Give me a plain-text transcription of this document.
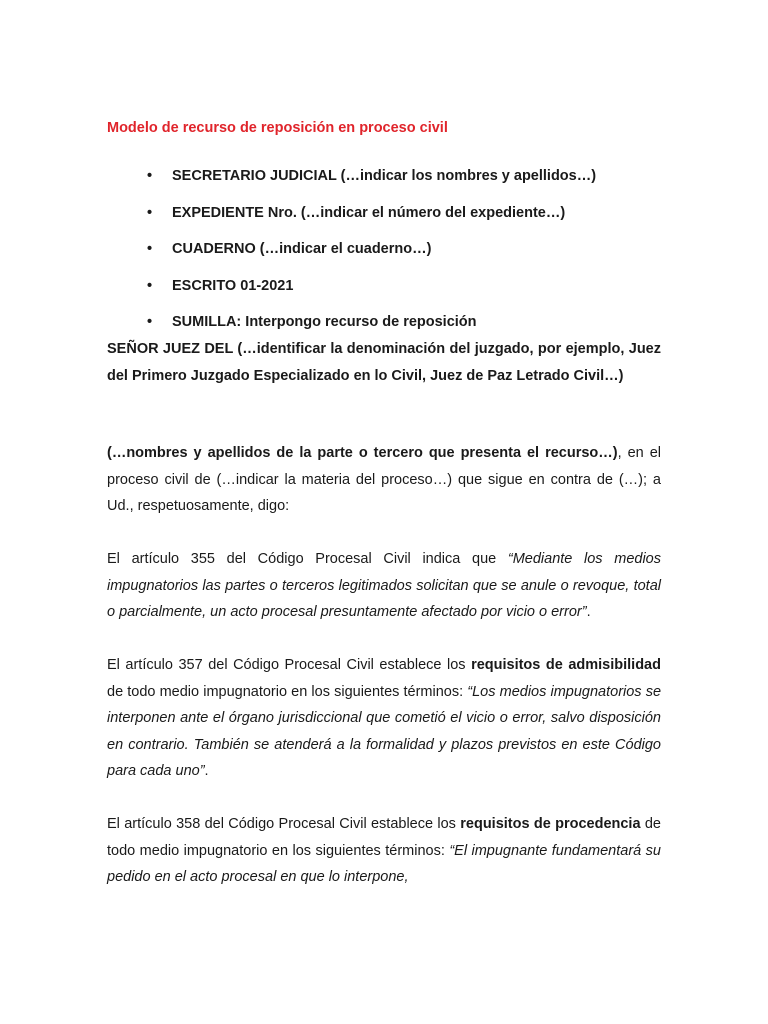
Modelo de recurso de reposición en proceso civil
• SECRETARIO JUDICIAL (…indicar los nombres y apellidos…)
• EXPEDIENTE Nro. (…indicar el número del expediente…)
• CUADERNO (…indicar el cuaderno…)
• ESCRITO 01-2021
• SUMILLA: Interpongo recurso de reposición

SEÑOR JUEZ DEL (…identificar la denominación del juzgado, por ejemplo, Juez del Primero Juzgado Especializado en lo Civil, Juez de Paz Letrado Civil…)

(…nombres y apellidos de la parte o tercero que presenta el recurso…), en el proceso civil de (…indicar la materia del proceso…) que sigue en contra de (…); a Ud., respetuosamente, digo:

El artículo 355 del Código Procesal Civil indica que “Mediante los medios impugnatorios las partes o terceros legitimados solicitan que se anule o revoque, total o parcialmente, un acto procesal presuntamente afectado por vicio o error”.

El artículo 357 del Código Procesal Civil establece los requisitos de admisibilidad de todo medio impugnatorio en los siguientes términos: “Los medios impugnatorios se interponen ante el órgano jurisdiccional que cometió el vicio o error, salvo disposición en contrario. También se atenderá a la formalidad y plazos previstos en este Código para cada uno”.

El artículo 358 del Código Procesal Civil establece los requisitos de procedencia de todo medio impugnatorio en los siguientes términos: “El impugnante fundamentará su pedido en el acto procesal en que lo interpone,
